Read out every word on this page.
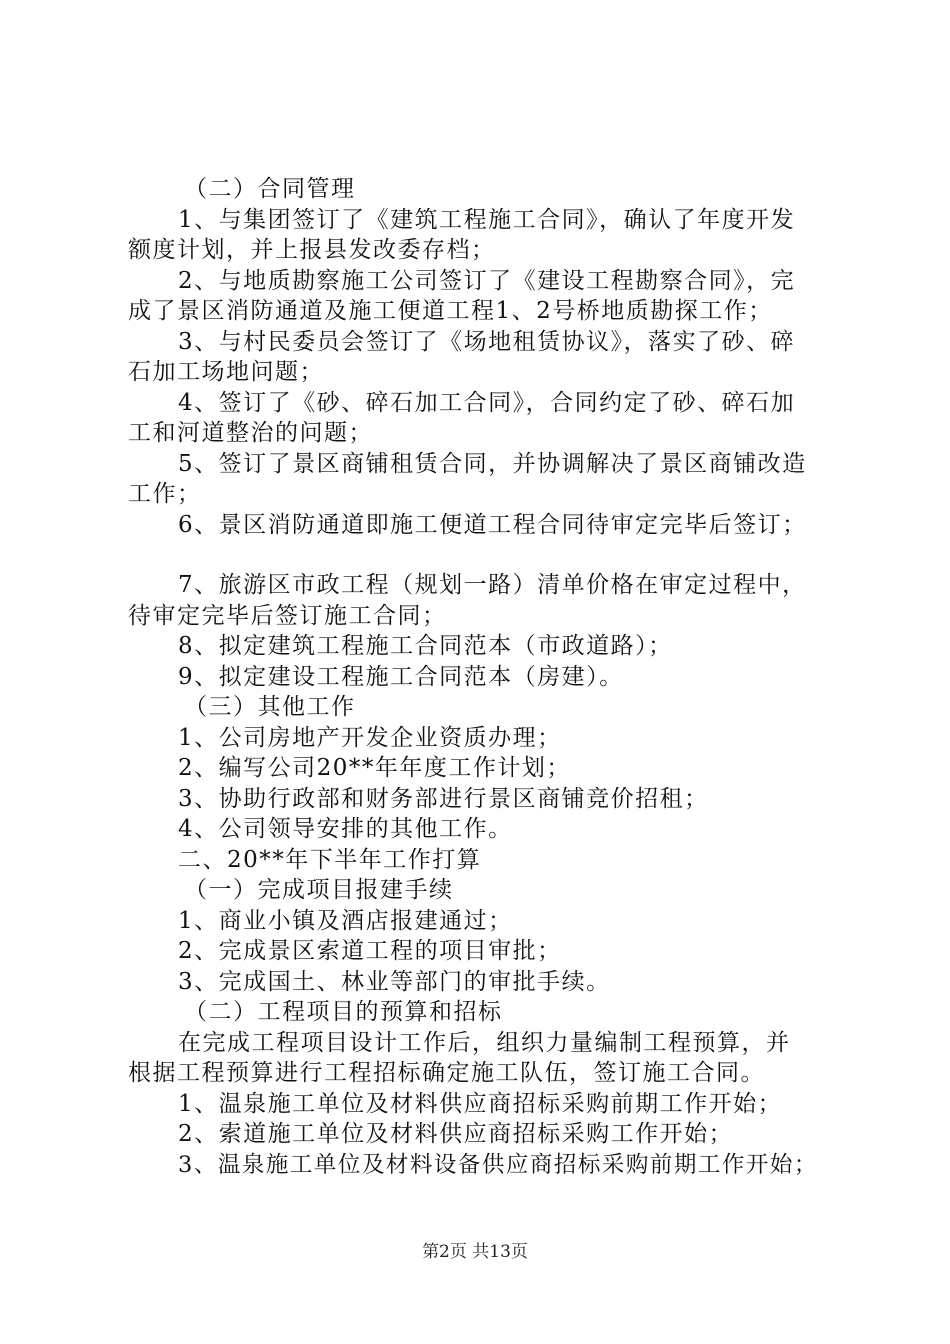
（二）合同管理
1、与集团签订了《建筑工程施工合同》，确认了年度开发
额度计划，并上报县发改委存档；
2、与地质勘察施工公司签订了《建设工程勘察合同》，完
成了景区消防通道及施工便道工程1、2号桥地质勘探工作；
3、与村民委员会签订了《场地租赁协议》，落实了砂、碎
石加工场地问题；
4、签订了《砂、碎石加工合同》，合同约定了砂、碎石加
工和河道整治的问题；
5、签订了景区商铺租赁合同，并协调解决了景区商铺改造
工作；
6、景区消防通道即施工便道工程合同待审定完毕后签订；
7、旅游区市政工程（规划一路）清单价格在审定过程中，
待审定完毕后签订施工合同；
8、拟定建筑工程施工合同范本（市政道路）；
9、拟定建设工程施工合同范本（房建）。
（三）其他工作
1、公司房地产开发企业资质办理；
2、编写公司20**年年度工作计划；
3、协助行政部和财务部进行景区商铺竞价招租；
4、公司领导安排的其他工作。
二、20**年下半年工作打算
（一）完成项目报建手续
1、商业小镇及酒店报建通过；
2、完成景区索道工程的项目审批；
3、完成国土、林业等部门的审批手续。
（二）工程项目的预算和招标
在完成工程项目设计工作后，组织力量编制工程预算，并
根据工程预算进行工程招标确定施工队伍，签订施工合同。
1、温泉施工单位及材料供应商招标采购前期工作开始；
2、索道施工单位及材料供应商招标采购工作开始；
3、温泉施工单位及材料设备供应商招标采购前期工作开始；
第2页 共13页
